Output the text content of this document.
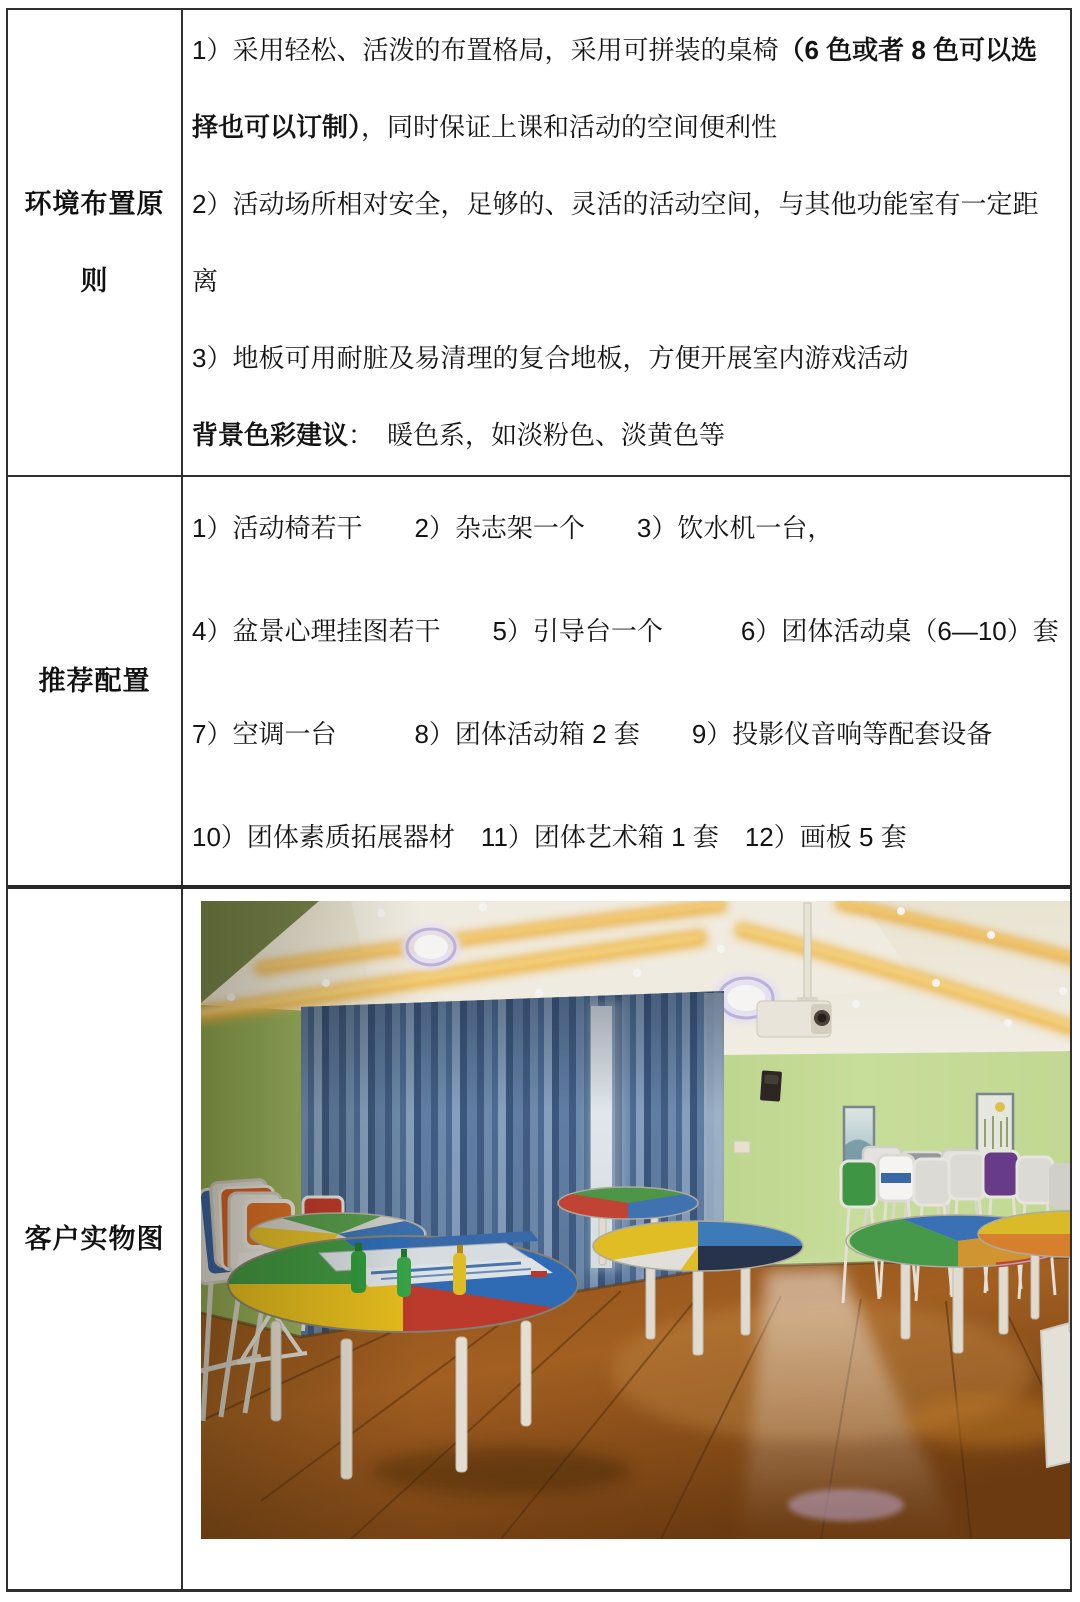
环境布置原则

1）采用轻松、活泼的布置格局，采用可拼装的桌椅（6 色或者 8 色可以选

择也可以订制），同时保证上课和活动的空间便利性

2）活动场所相对安全，足够的、灵活的活动空间，与其他功能室有一定距

离

3）地板可用耐脏及易清理的复合地板，方便开展室内游戏活动

背景色彩建议：　暖色系，如淡粉色、淡黄色等

推荐配置

1）活动椅若干　　2）杂志架一个　　3）饮水机一台，

4）盆景心理挂图若干　　5）引导台一个　　　6）团体活动桌（6—10）套

7）空调一台　　　8）团体活动箱 2 套　　9）投影仪音响等配套设备

10）团体素质拓展器材　11）团体艺术箱 1 套　12）画板 5 套

客户实物图
